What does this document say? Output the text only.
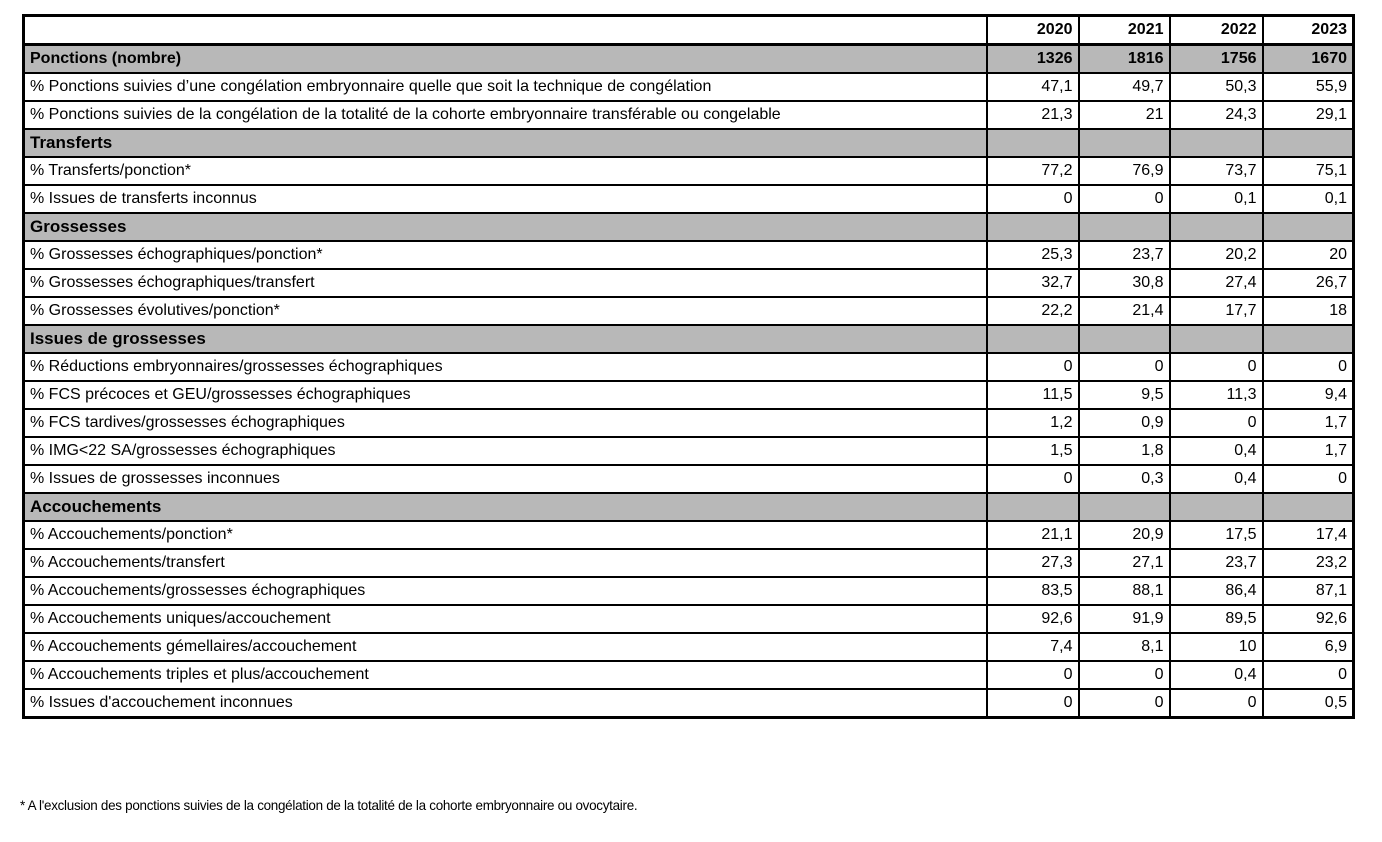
	2020	2021	2022	2023
Ponctions (nombre)	1326	1816	1756	1670
% Ponctions suivies d’une congélation embryonnaire quelle que soit la technique de congélation	47,1	49,7	50,3	55,9
% Ponctions suivies de la congélation de la totalité de la cohorte embryonnaire transférable ou congelable	21,3	21	24,3	29,1
Transferts				
% Transferts/ponction*	77,2	76,9	73,7	75,1
% Issues de transferts inconnus	0	0	0,1	0,1
Grossesses				
% Grossesses échographiques/ponction*	25,3	23,7	20,2	20
% Grossesses échographiques/transfert	32,7	30,8	27,4	26,7
% Grossesses évolutives/ponction*	22,2	21,4	17,7	18
Issues de grossesses				
% Réductions embryonnaires/grossesses échographiques	0	0	0	0
% FCS précoces et GEU/grossesses échographiques	11,5	9,5	11,3	9,4
% FCS tardives/grossesses échographiques	1,2	0,9	0	1,7
% IMG<22 SA/grossesses échographiques	1,5	1,8	0,4	1,7
% Issues de grossesses inconnues	0	0,3	0,4	0
Accouchements				
% Accouchements/ponction*	21,1	20,9	17,5	17,4
% Accouchements/transfert	27,3	27,1	23,7	23,2
% Accouchements/grossesses échographiques	83,5	88,1	86,4	87,1
% Accouchements uniques/accouchement	92,6	91,9	89,5	92,6
% Accouchements gémellaires/accouchement	7,4	8,1	10	6,9
% Accouchements triples et plus/accouchement	0	0	0,4	0
% Issues d'accouchement inconnues	0	0	0	0,5
* A l'exclusion des ponctions suivies de la congélation de la totalité de la cohorte embryonnaire ou ovocytaire.
